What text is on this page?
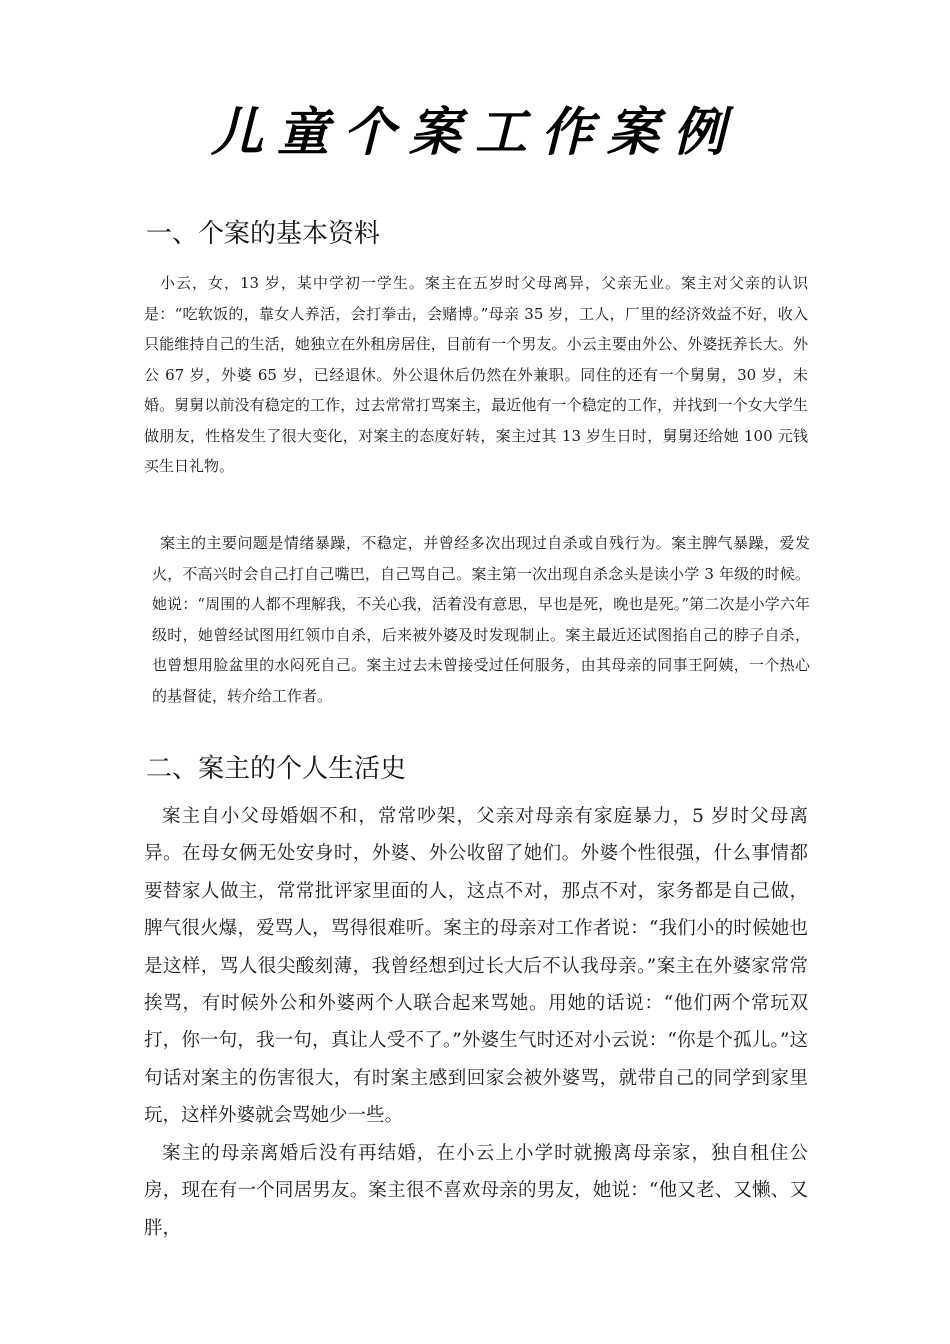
儿童个案工作案例
一、个案的基本资料

小云，女，13 岁，某中学初一学生。案主在五岁时父母离异，父亲无业。案主对父亲的认识是：“吃软饭的，靠女人养活，会打拳击，会赌博。”母亲 35 岁，工人，厂里的经济效益不好，收入只能维持自己的生活，她独立在外租房居住，目前有一个男友。小云主要由外公、外婆抚养长大。外公 67 岁，外婆 65 岁，已经退休。外公退休后仍然在外兼职。同住的还有一个舅舅，30 岁，未婚。舅舅以前没有稳定的工作，过去常常打骂案主，最近他有一个稳定的工作，并找到一个女大学生做朋友，性格发生了很大变化，对案主的态度好转，案主过其 13 岁生日时，舅舅还给她 100 元钱买生日礼物。

案主的主要问题是情绪暴躁，不稳定，并曾经多次出现过自杀或自残行为。案主脾气暴躁，爱发火，不高兴时会自己打自己嘴巴，自己骂自己。案主第一次出现自杀念头是读小学 3 年级的时候。她说：“周围的人都不理解我，不关心我，活着没有意思，早也是死，晚也是死。”第二次是小学六年级时，她曾经试图用红领巾自杀，后来被外婆及时发现制止。案主最近还试图掐自己的脖子自杀，也曾想用脸盆里的水闷死自己。案主过去未曾接受过任何服务，由其母亲的同事王阿姨，一个热心的基督徒，转介给工作者。

二、案主的个人生活史

案主自小父母婚姻不和，常常吵架，父亲对母亲有家庭暴力，5 岁时父母离异。在母女俩无处安身时，外婆、外公收留了她们。外婆个性很强，什么事情都要替家人做主，常常批评家里面的人，这点不对，那点不对，家务都是自己做，脾气很火爆，爱骂人，骂得很难听。案主的母亲对工作者说：“我们小的时候她也是这样，骂人很尖酸刻薄，我曾经想到过长大后不认我母亲。”案主在外婆家常常挨骂，有时候外公和外婆两个人联合起来骂她。用她的话说：“他们两个常玩双打，你一句，我一句，真让人受不了。”外婆生气时还对小云说：“你是个孤儿。”这句话对案主的伤害很大，有时案主感到回家会被外婆骂，就带自己的同学到家里玩，这样外婆就会骂她少一些。

案主的母亲离婚后没有再结婚，在小云上小学时就搬离母亲家，独自租住公房，现在有一个同居男友。案主很不喜欢母亲的男友，她说：“他又老、又懒、又胖，
